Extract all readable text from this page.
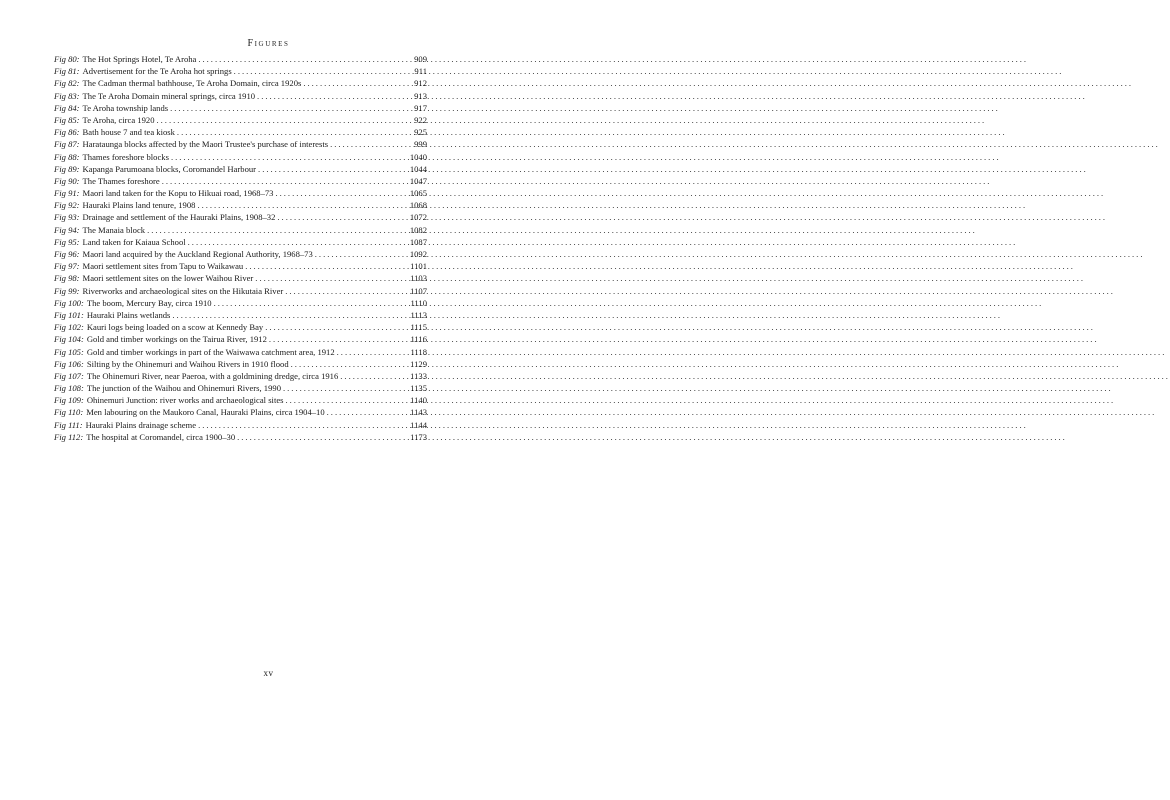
Figures
Fig 80: The Hot Springs Hotel, Te Aroha .....	909
Fig 81: Advertisement for the Te Aroha hot springs .....	911
Fig 82: The Cadman thermal bathhouse, Te Aroha Domain, circa 1920s .....	912
Fig 83: The Te Aroha Domain mineral springs, circa 1910 .....	913
Fig 84: Te Aroha township lands .....	917
Fig 85: Te Aroha, circa 1920 .....	922
Fig 86: Bath house 7 and tea kiosk .....	925
Fig 87: Harataunga blocks affected by the Maori Trustee's purchase of interests .....	999
Fig 88: Thames foreshore blocks .....	1040
Fig 89: Kapanga Parumoana blocks, Coromandel Harbour .....	1044
Fig 90: The Thames foreshore .....	1047
Fig 91: Maori land taken for the Kopu to Hikuai road, 1968–73 .....	1065
Fig 92: Hauraki Plains land tenure, 1908 .....	1068
Fig 93: Drainage and settlement of the Hauraki Plains, 1908–32 .....	1072
Fig 94: The Manaia block .....	1082
Fig 95: Land taken for Kaiaua School .....	1087
Fig 96: Maori land acquired by the Auckland Regional Authority, 1968–73 .....	1092
Fig 97: Maori settlement sites from Tapu to Waikawau .....	1101
Fig 98: Maori settlement sites on the lower Waihou River .....	1103
Fig 99: Riverworks and archaeological sites on the Hikutaia River .....	1107
Fig 100: The boom, Mercury Bay, circa 1910 .....	1110
Fig 101: Hauraki Plains wetlands .....	1113
Fig 102: Kauri logs being loaded on a scow at Kennedy Bay .....	1115
Fig 104: Gold and timber workings on the Tairua River, 1912 .....	1116
Fig 105: Gold and timber workings in part of the Waiwawa catchment area, 1912 .....	1118
Fig 106: Silting by the Ohinemuri and Waihou Rivers in 1910 flood .....	1129
Fig 107: The Ohinemuri River, near Paeroa, with a goldmining dredge, circa 1916 .....	1133
Fig 108: The junction of the Waihou and Ohinemuri Rivers, 1990 .....	1135
Fig 109: Ohinemuri Junction: river works and archaeological sites .....	1140
Fig 110: Men labouring on the Maukoro Canal, Hauraki Plains, circa 1904–10 .....	1143
Fig 111: Hauraki Plains drainage scheme .....	1144
Fig 112: The hospital at Coromandel, circa 1900–30 .....	1173
xv
